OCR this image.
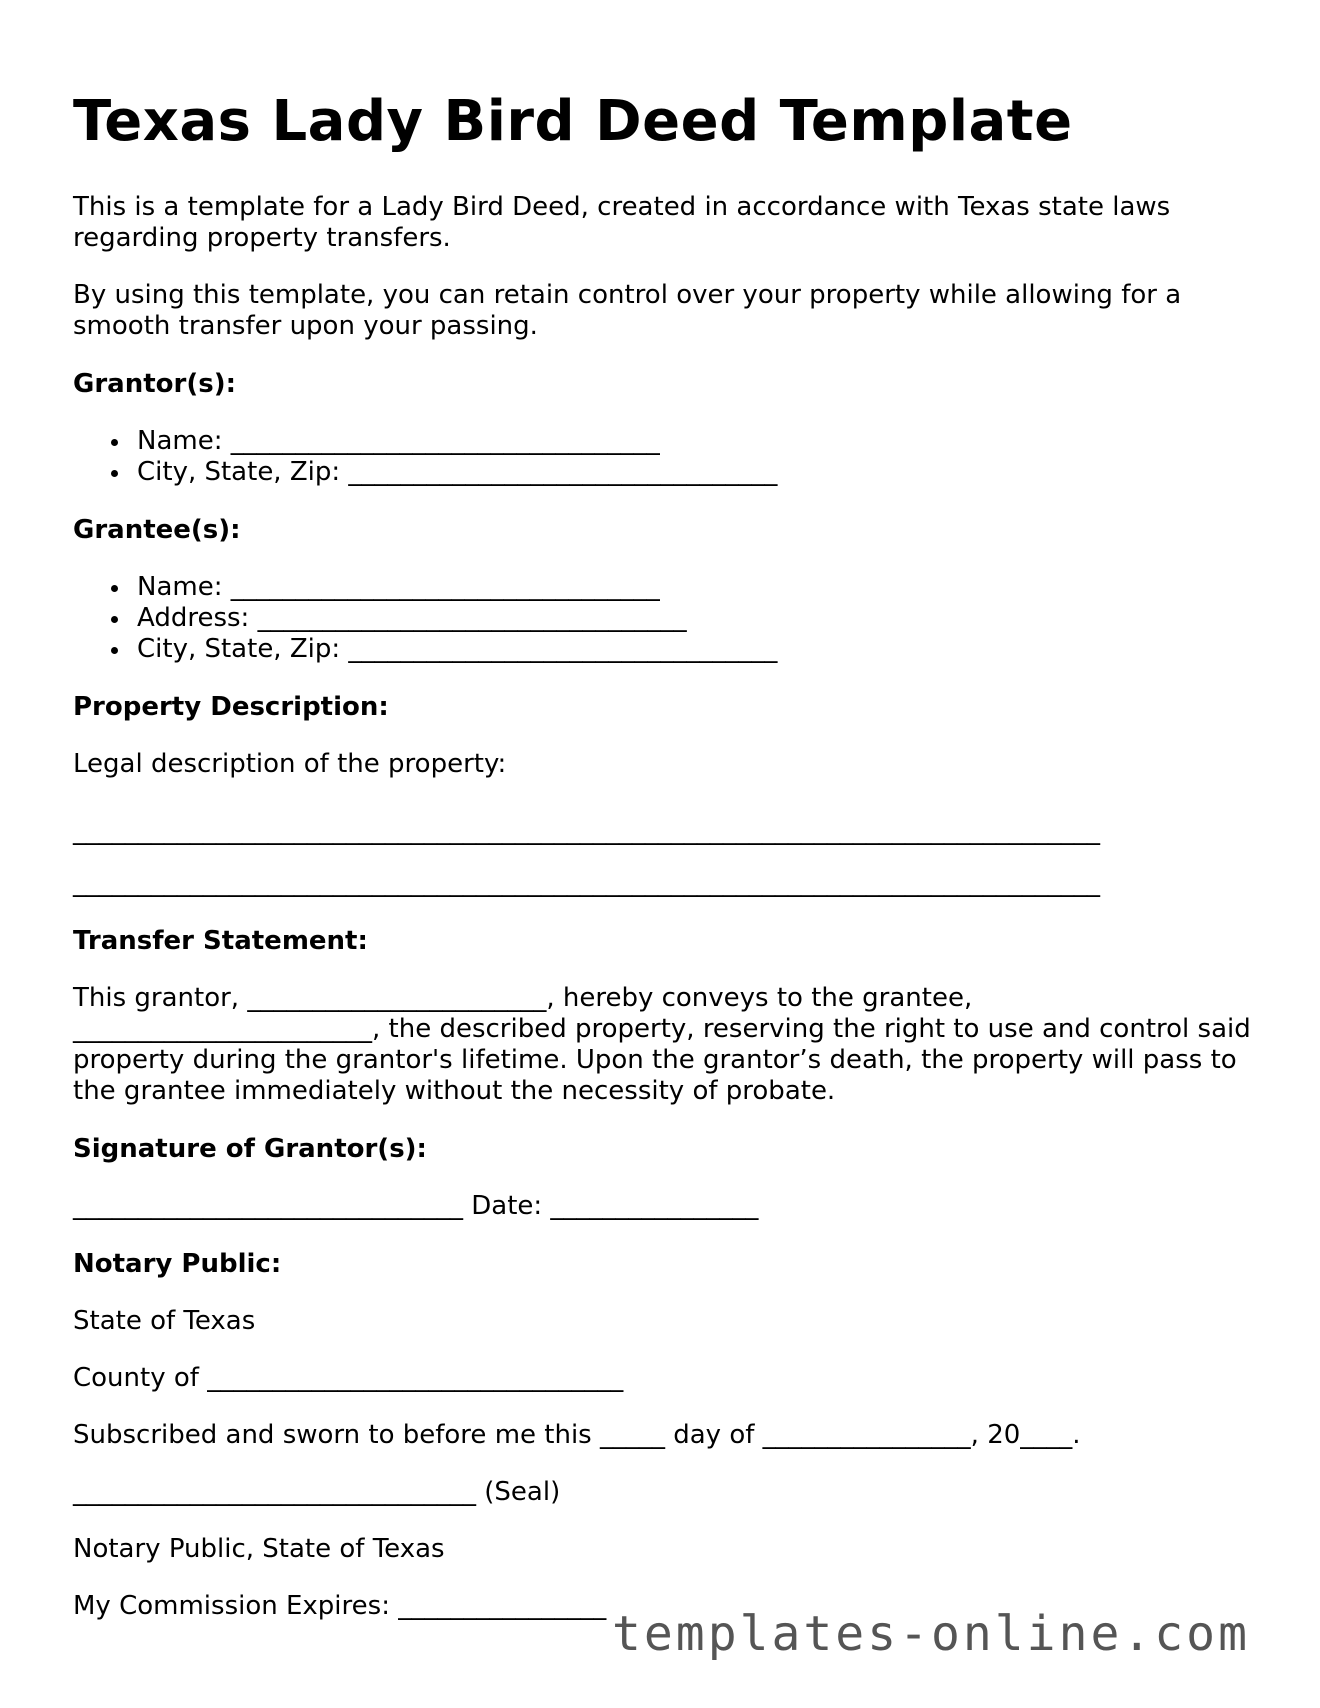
Texas Lady Bird Deed Template

This is a template for a Lady Bird Deed, created in accordance with Texas state laws regarding property transfers.

By using this template, you can retain control over your property while allowing for a smooth transfer upon your passing.

Grantor(s):
Name: _________________________________
City, State, Zip: _________________________________
Grantee(s):
Name: _________________________________
Address: _________________________________
City, State, Zip: _________________________________
Property Description:

Legal description of the property:

_______________________________________________________________________________

_______________________________________________________________________________

Transfer Statement:

This grantor, _______________________, hereby conveys to the grantee, _______________________, the described property, reserving the right to use and control said property during the grantor's lifetime. Upon the grantor’s death, the property will pass to the grantee immediately without the necessity of probate.

Signature of Grantor(s):

______________________________ Date: ________________

Notary Public:

State of Texas

County of ________________________________

Subscribed and sworn to before me this _____ day of ________________, 20____.

_______________________________ (Seal)

Notary Public, State of Texas

My Commission Expires: ________________ templates-online.com
